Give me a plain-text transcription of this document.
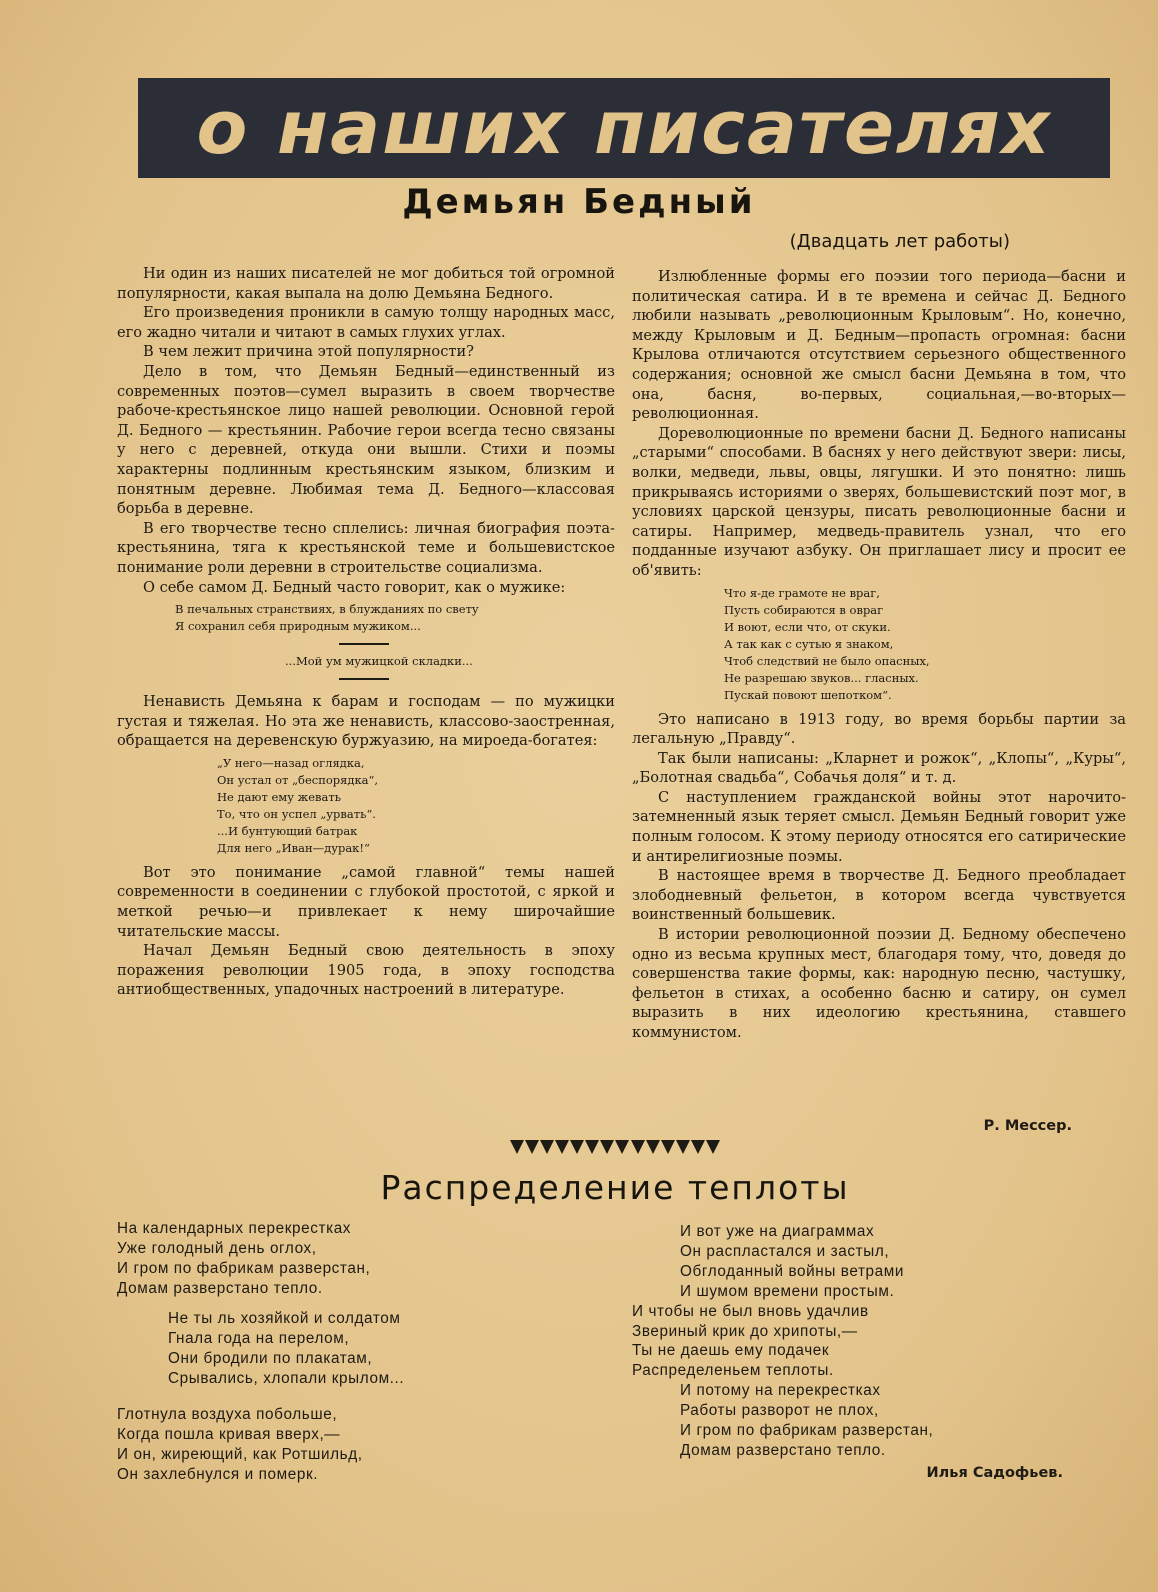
о наших писателях
Демьян Бедный
(Двадцать лет работы)

Ни один из наших писателей не мог добиться той огромной популярности, какая выпала на долю Демьяна Бедного.

Его произведения проникли в самую толщу народных масс, его жадно читали и читают в самых глухих углах.

В чем лежит причина этой популярности?

Дело в том, что Демьян Бедный—единственный из современных поэтов—сумел выразить в своем творчестве рабоче-крестьянское лицо нашей революции. Основной герой Д. Бедного — крестьянин. Рабочие герои всегда тесно связаны у него с деревней, откуда они вышли. Стихи и поэмы характерны подлинным крестьянским языком, близким и понятным деревне. Любимая тема Д. Бедного—классовая борьба в деревне.

В его творчестве тесно сплелись: личная биография поэта-крестьянина, тяга к крестьянской теме и большевистское понимание роли деревни в строительстве социализма.

О себе самом Д. Бедный часто говорит, как о мужике:

В печальных странствиях, в блужданиях по свету
Я сохранил себя природным мужиком...
...Мой ум мужицкой складки...

Ненависть Демьяна к барам и господам — по мужицки густая и тяжелая. Но эта же ненависть, классово-заостренная, обращается на деревенскую буржуазию, на мироеда-богатея:

„У него—назад оглядка,
Он устал от „беспорядка“,
Не дают ему жевать
То, что он успел „урвать“.
...И бунтующий батрак
Для него „Иван—дурак!“

Вот это понимание „самой главной“ темы нашей современности в соединении с глубокой простотой, с яркой и меткой речью—и привлекает к нему широчайшие читательские массы.

Начал Демьян Бедный свою деятельность в эпоху поражения революции 1905 года, в эпоху господства антиобщественных, упадочных настроений в литературе.

Излюбленные формы его поэзии того периода—басни и политическая сатира. И в те времена и сейчас Д. Бедного любили называть „революционным Крыловым“. Но, конечно, между Крыловым и Д. Бедным—пропасть огромная: басни Крылова отличаются отсутствием серьезного общественного содержания; основной же смысл басни Демьяна в том, что она, басня, во-первых, социальная,—во-вторых—революционная.

Дореволюционные по времени басни Д. Бедного написаны „старыми“ способами. В баснях у него действуют звери: лисы, волки, медведи, львы, овцы, лягушки. И это понятно: лишь прикрываясь историями о зверях, большевистский поэт мог, в условиях царской цензуры, писать революционные басни и сатиры. Например, медведь-правитель узнал, что его подданные изучают азбуку. Он приглашает лису и просит ее об'явить:

Что я-де грамоте не враг,
Пусть собираются в овраг
И воют, если что, от скуки.
А так как с сутью я знаком,
Чтоб следствий не было опасных,
Не разрешаю звуков... гласных.
Пускай повоют шепотком“.

Это написано в 1913 году, во время борьбы партии за легальную „Правду“.

Так были написаны: „Кларнет и рожок“, „Клопы“, „Куры“, „Болотная свадьба“, Собачья доля“ и т. д.

С наступлением гражданской войны этот нарочито-затемненный язык теряет смысл. Демьян Бедный говорит уже полным голосом. К этому периоду относятся его сатирические и антирелигиозные поэмы.

В настоящее время в творчестве Д. Бедного преобладает злободневный фельетон, в котором всегда чувствуется воинственный большевик.

В истории революционной поэзии Д. Бедному обеспечено одно из весьма крупных мест, благодаря тому, что, доведя до совершенства такие формы, как: народную песню, частушку, фельетон в стихах, а особенно басню и сатиру, он сумел выразить в них идеологию крестьянина, ставшего коммунистом.

Р. Мессер.
Распределение теплоты
На календарных перекрестках
Уже голодный день оглох,
И гром по фабрикам разверстан,
Домам разверстано тепло.
Не ты ль хозяйкой и солдатом
Гнала года на перелом,
Они бродили по плакатам,
Срывались, хлопали крылом...
Глотнула воздуха побольше,
Когда пошла кривая вверх,—
И он, жиреющий, как Ротшильд,
Он захлебнулся и померк.
И вот уже на диаграммах
Он распластался и застыл,
Обглоданный войны ветрами
И шумом времени простым.
И чтобы не был вновь удачлив
Звериный крик до хрипоты,—
Ты не даешь ему подачек
Распределеньем теплоты.
И потому на перекрестках
Работы разворот не плох,
И гром по фабрикам разверстан,
Домам разверстано тепло.
Илья Садофьев.
